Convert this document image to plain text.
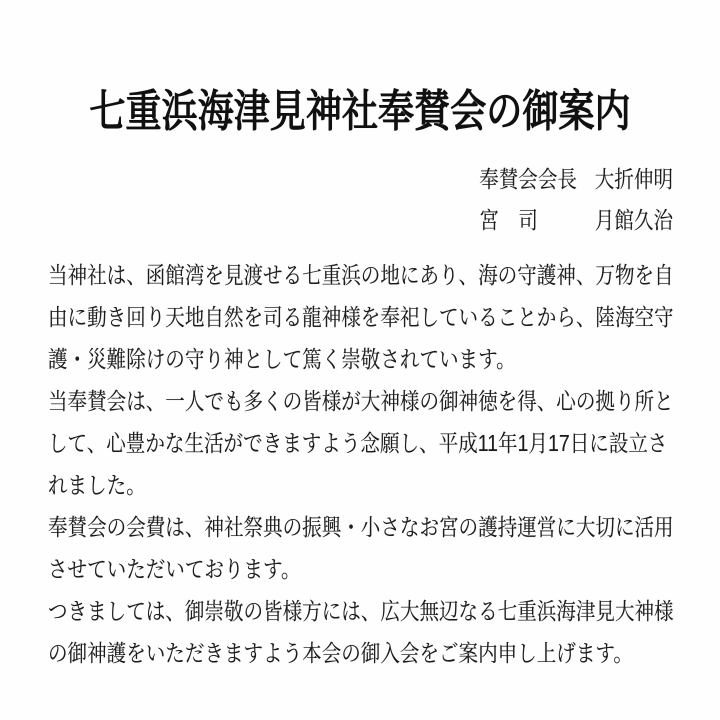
七重浜海津見神社奉賛会の御案内
奉賛会会長 大折伸明
宮　司 月館久治
当神社は、函館湾を見渡せる七重浜の地にあり、海の守護神、万物を自
由に動き回り天地自然を司る龍神様を奉祀していることから、陸海空守
護・災難除けの守り神として篤く崇敬されています。
当奉賛会は、一人でも多くの皆様が大神様の御神徳を得、心の拠り所と
して、心豊かな生活ができますよう念願し、平成11年1月17日に設立さ
れました。
奉賛会の会費は、神社祭典の振興・小さなお宮の護持運営に大切に活用
させていただいております。
つきましては、御崇敬の皆様方には、広大無辺なる七重浜海津見大神様
の御神護をいただきますよう本会の御入会をご案内申し上げます。
